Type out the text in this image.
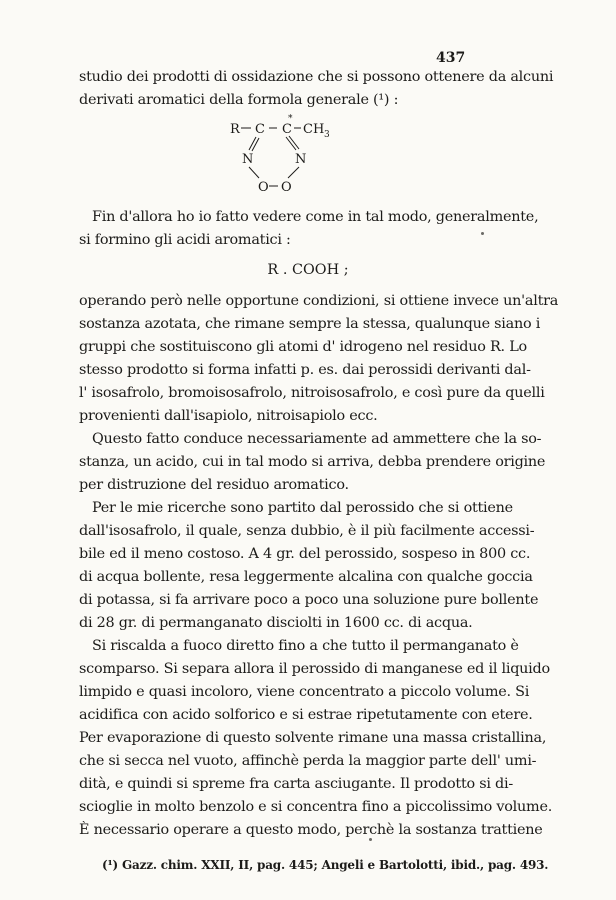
437
studio dei prodotti di ossidazione che si possono ottenere da alcuni
derivati aromatici della formola generale (¹) :
R C C
*
CH 3
N	N
O O
Fin d'allora ho io fatto vedere come in tal modo, generalmente,
si formino gli acidi aromatici :
R . COOH ;
operando però nelle opportune condizioni, si ottiene invece un'altra
sostanza azotata, che rimane sempre la stessa, qualunque siano i
gruppi che sostituiscono gli atomi d' idrogeno nel residuo R. Lo
stesso prodotto si forma infatti p. es. dai perossidi derivanti dal-
l' isosafrolo, bromoisosafrolo, nitroisosafrolo, e così pure da quelli
provenienti dall'isapiolo, nitroisapiolo ecc.
Questo fatto conduce necessariamente ad ammettere che la so-
stanza, un acido, cui in tal modo si arriva, debba prendere origine
per distruzione del residuo aromatico.
Per le mie ricerche sono partito dal perossido che si ottiene
dall'isosafrolo, il quale, senza dubbio, è il più facilmente accessi-
bile ed il meno costoso. A 4 gr. del perossido, sospeso in 800 cc.
di acqua bollente, resa leggermente alcalina con qualche goccia
di potassa, si fa arrivare poco a poco una soluzione pure bollente
di 28 gr. di permanganato disciolti in 1600 cc. di acqua.
Si riscalda a fuoco diretto fino a che tutto il permanganato è
scomparso. Si separa allora il perossido di manganese ed il liquido
limpido e quasi incoloro, viene concentrato a piccolo volume. Si
acidifica con acido solforico e si estrae ripetutamente con etere.
Per evaporazione di questo solvente rimane una massa cristallina,
che si secca nel vuoto, affinchè perda la maggior parte dell' umi-
dità, e quindi si spreme fra carta asciugante. Il prodotto si di-
scioglie in molto benzolo e si concentra fino a piccolissimo volume.
È necessario operare a questo modo, perchè la sostanza trattiene
(¹) Gazz. chim. XXII, II, pag. 445; Angeli e Bartolotti, ibid., pag. 493.
